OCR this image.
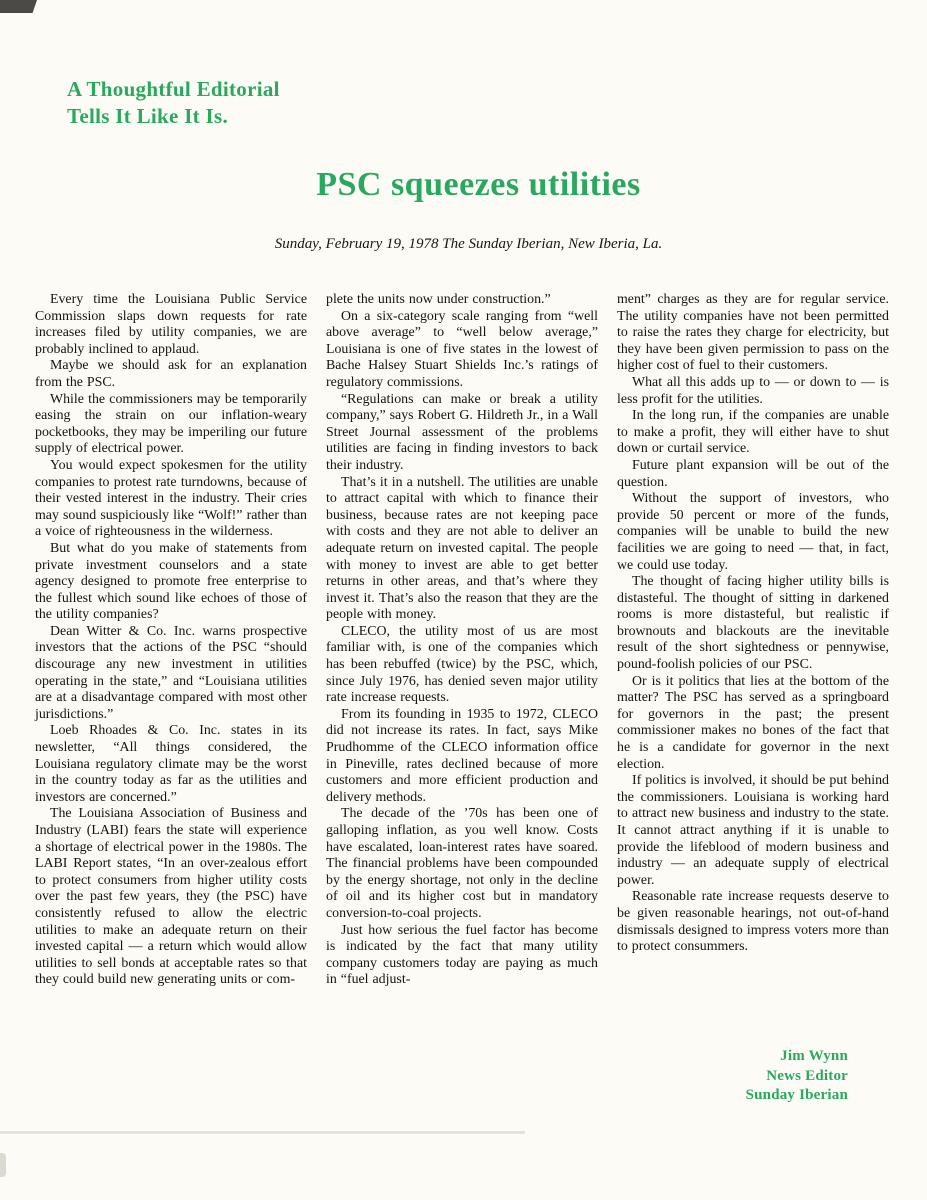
A Thoughtful Editorial
Tells It Like It Is.
PSC squeezes utilities
Sunday, February 19, 1978 The Sunday Iberian, New Iberia, La.

Every time the Louisiana Public Service Commission slaps down requests for rate increases filed by utility companies, we are probably inclined to applaud.

Maybe we should ask for an explanation from the PSC.

While the commissioners may be temporarily easing the strain on our inflation-weary pocketbooks, they may be imperiling our future supply of electrical power.

You would expect spokesmen for the utility companies to protest rate turndowns, because of their vested interest in the industry. Their cries may sound suspiciously like “Wolf!” rather than a voice of righteousness in the wilderness.

But what do you make of statements from private investment counselors and a state agency designed to promote free enterprise to the fullest which sound like echoes of those of the utility companies?

Dean Witter & Co. Inc. warns prospective investors that the actions of the PSC “should discourage any new investment in utilities operating in the state,” and “Louisiana utilities are at a disadvantage compared with most other jurisdictions.”

Loeb Rhoades & Co. Inc. states in its newsletter, “All things considered, the Louisiana regulatory climate may be the worst in the country today as far as the utilities and investors are concerned.”

The Louisiana Association of Business and Industry (LABI) fears the state will experience a shortage of electrical power in the 1980s. The LABI Report states, “In an over-zealous effort to protect consumers from higher utility costs over the past few years, they (the PSC) have consistently refused to allow the electric utilities to make an adequate return on their invested capital — a return which would allow utilities to sell bonds at acceptable rates so that they could build new generating units or com-

plete the units now under construction.”

On a six-category scale ranging from “well above average” to “well below average,” Louisiana is one of five states in the lowest of Bache Halsey Stuart Shields Inc.’s ratings of regulatory commissions.

“Regulations can make or break a utility company,” says Robert G. Hildreth Jr., in a Wall Street Journal assessment of the problems utilities are facing in finding investors to back their industry.

That’s it in a nutshell. The utilities are unable to attract capital with which to finance their business, because rates are not keeping pace with costs and they are not able to deliver an adequate return on invested capital. The people with money to invest are able to get better returns in other areas, and that’s where they invest it. That’s also the reason that they are the people with money.

CLECO, the utility most of us are most familiar with, is one of the companies which has been rebuffed (twice) by the PSC, which, since July 1976, has denied seven major utility rate increase requests.

From its founding in 1935 to 1972, CLECO did not increase its rates. In fact, says Mike Prudhomme of the CLECO information office in Pineville, rates declined because of more customers and more efficient production and delivery methods.

The decade of the ’70s has been one of galloping inflation, as you well know. Costs have escalated, loan-interest rates have soared. The financial problems have been compounded by the energy shortage, not only in the decline of oil and its higher cost but in mandatory conversion-to-coal projects.

Just how serious the fuel factor has become is indicated by the fact that many utility company customers today are paying as much in “fuel adjust-

ment” charges as they are for regular service. The utility companies have not been permitted to raise the rates they charge for electricity, but they have been given permission to pass on the higher cost of fuel to their customers.

What all this adds up to — or down to — is less profit for the utilities.

In the long run, if the companies are unable to make a profit, they will either have to shut down or curtail service.

Future plant expansion will be out of the question.

Without the support of investors, who provide 50 percent or more of the funds, companies will be unable to build the new facilities we are going to need — that, in fact, we could use today.

The thought of facing higher utility bills is distasteful. The thought of sitting in darkened rooms is more distasteful, but realistic if brownouts and blackouts are the inevitable result of the short sightedness or pennywise, pound-foolish policies of our PSC.

Or is it politics that lies at the bottom of the matter? The PSC has served as a springboard for governors in the past; the present commissioner makes no bones of the fact that he is a candidate for governor in the next election.

If politics is involved, it should be put behind the commissioners. Louisiana is working hard to attract new business and industry to the state. It cannot attract anything if it is unable to provide the lifeblood of modern business and industry — an adequate supply of electrical power.

Reasonable rate increase requests deserve to be given reasonable hearings, not out-of-hand dismissals designed to impress voters more than to protect consummers.

Jim Wynn
News Editor
Sunday Iberian
